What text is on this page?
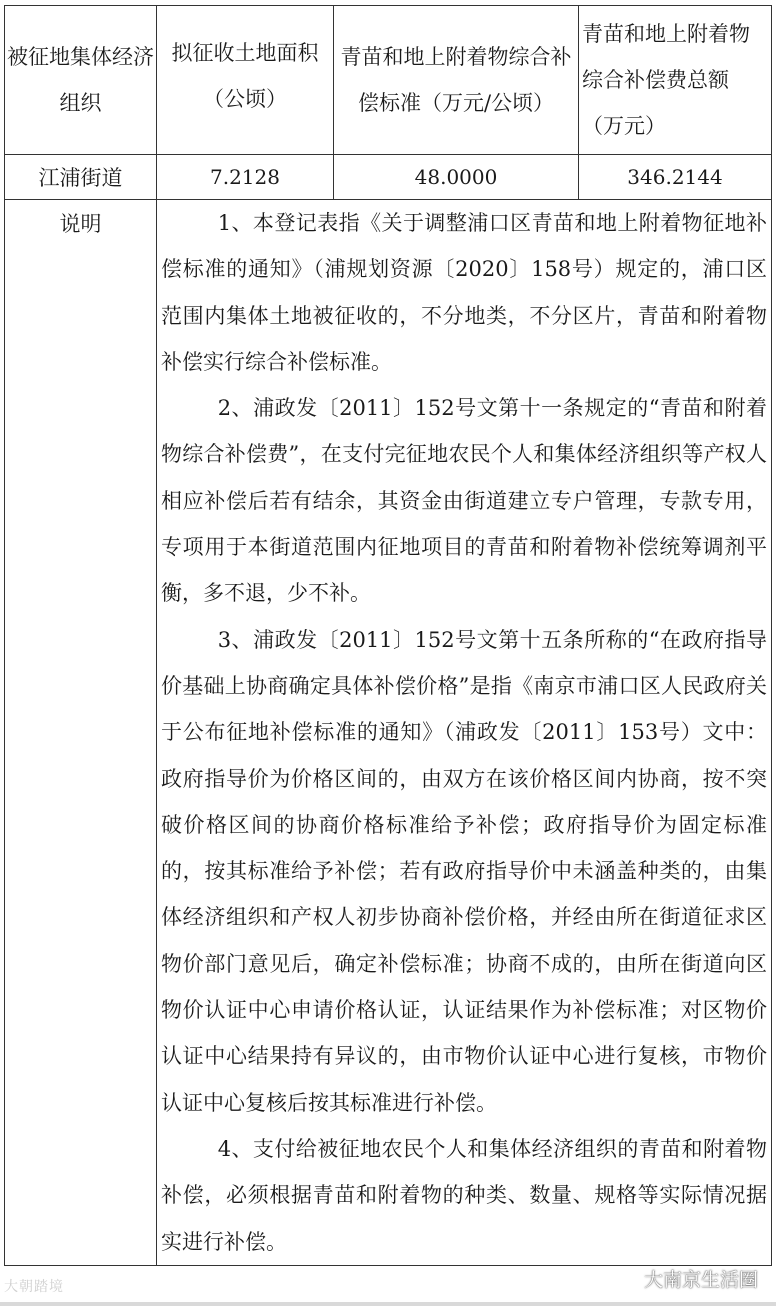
被征地集体经济组织	拟征收土地面积（公顷）	青苗和地上附着物综合补偿标准（万元/公顷）	青苗和地上附着物综合补偿费总额（万元）
江浦街道	7.2128	48.0000	346.2144
说明	1、本登记表指《关于调整浦口区青苗和地上附着物征地补偿标准的通知》（浦规划资源〔2020〕158号）规定的，浦口区范围内集体土地被征收的，不分地类，不分区片，青苗和附着物补偿实行综合补偿标准。

2、浦政发〔2011〕152号文第十一条规定的“青苗和附着物综合补偿费”，在支付完征地农民个人和集体经济组织等产权人相应补偿后若有结余，其资金由街道建立专户管理，专款专用，专项用于本街道范围内征地项目的青苗和附着物补偿统筹调剂平衡，多不退，少不补。

3、浦政发〔2011〕152号文第十五条所称的“在政府指导价基础上协商确定具体补偿价格”是指《南京市浦口区人民政府关于公布征地补偿标准的通知》（浦政发〔2011〕153号）文中：政府指导价为价格区间的，由双方在该价格区间内协商，按不突破价格区间的协商价格标准给予补偿；政府指导价为固定标准的，按其标准给予补偿；若有政府指导价中未涵盖种类的，由集体经济组织和产权人初步协商补偿价格，并经由所在街道征求区物价部门意见后，确定补偿标准；协商不成的，由所在街道向区物价认证中心申请价格认证，认证结果作为补偿标准；对区物价认证中心结果持有异议的，由市物价认证中心进行复核，市物价认证中心复核后按其标准进行补偿。

4、支付给被征地农民个人和集体经济组织的青苗和附着物补偿，必须根据青苗和附着物的种类、数量、规格等实际情况据实进行补偿。		

大朝踏境	大南京生活圈
